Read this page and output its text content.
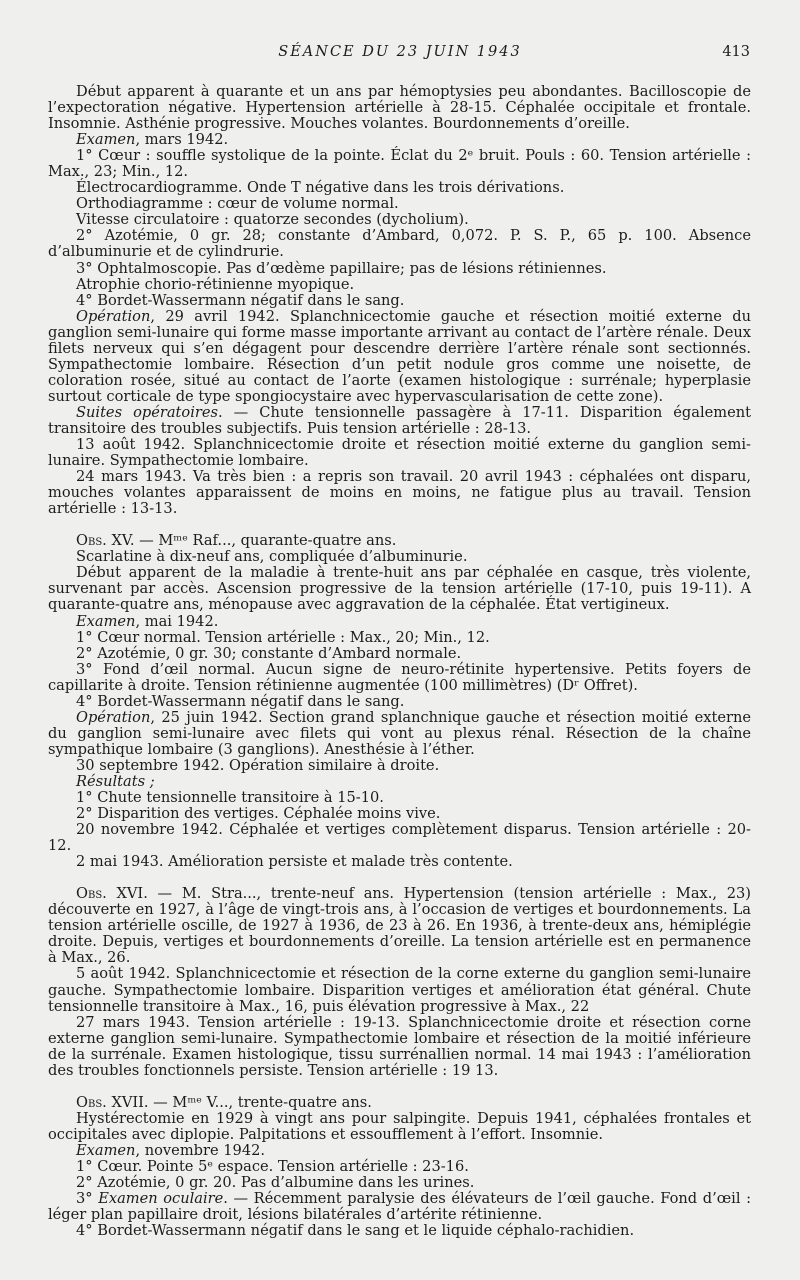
SÉANCE DU 23 JUIN 1943	413

Début apparent à quarante et un ans par hémoptysies peu abondantes. Bacilloscopie de l’expectoration négative. Hypertension artérielle à 28-15. Céphalée occipitale et frontale. Insomnie. Asthénie progressive. Mouches volantes. Bourdonnements d’oreille.

Examen, mars 1942.

1° Cœur : souffle systolique de la pointe. Éclat du 2ᵉ bruit. Pouls : 60. Tension artérielle : Max., 23; Min., 12.

Électrocardiogramme. Onde T négative dans les trois dérivations.

Orthodiagramme : cœur de volume normal.

Vitesse circulatoire : quatorze secondes (dycholium).

2° Azotémie, 0 gr. 28; constante d’Ambard, 0,072. P. S. P., 65 p. 100. Absence d’albuminurie et de cylindrurie.

3° Ophtalmoscopie. Pas d’œdème papillaire; pas de lésions rétiniennes.

Atrophie chorio-rétinienne myopique.

4° Bordet-Wassermann négatif dans le sang.

Opération, 29 avril 1942. Splanchnicectomie gauche et résection moitié externe du ganglion semi-lunaire qui forme masse importante arrivant au contact de l’artère rénale. Deux filets nerveux qui s’en dégagent pour descendre derrière l’artère rénale sont sectionnés. Sympathectomie lombaire. Résection d’un petit nodule gros comme une noisette, de coloration rosée, situé au contact de l’aorte (examen histologique : surrénale; hyperplasie surtout corticale de type spongiocystaire avec hypervascularisation de cette zone).

Suites opératoires. — Chute tensionnelle passagère à 17-11. Disparition également transitoire des troubles subjectifs. Puis tension artérielle : 28-13.

13 août 1942. Splanchnicectomie droite et résection moitié externe du ganglion semi-lunaire. Sympathectomie lombaire.

24 mars 1943. Va très bien : a repris son travail. 20 avril 1943 : céphalées ont disparu, mouches volantes apparaissent de moins en moins, ne fatigue plus au travail. Tension artérielle : 13-13.

Obs. XV. — Mᵐᵉ Raf..., quarante-quatre ans.

Scarlatine à dix-neuf ans, compliquée d’albuminurie.

Début apparent de la maladie à trente-huit ans par céphalée en casque, très violente, survenant par accès. Ascension progressive de la tension artérielle (17-10, puis 19-11). A quarante-quatre ans, ménopause avec aggravation de la céphalée. État vertigineux.

Examen, mai 1942.

1° Cœur normal. Tension artérielle : Max., 20; Min., 12.

2° Azotémie, 0 gr. 30; constante d’Ambard normale.

3° Fond d’œil normal. Aucun signe de neuro-rétinite hypertensive. Petits foyers de capillarite à droite. Tension rétinienne augmentée (100 millimètres) (Dʳ Offret).

4° Bordet-Wassermann négatif dans le sang.

Opération, 25 juin 1942. Section grand splanchnique gauche et résection moitié externe du ganglion semi-lunaire avec filets qui vont au plexus rénal. Résection de la chaîne sympathique lombaire (3 ganglions). Anesthésie à l’éther.

30 septembre 1942. Opération similaire à droite.

Résultats ;

1° Chute tensionnelle transitoire à 15-10.

2° Disparition des vertiges. Céphalée moins vive.

20 novembre 1942. Céphalée et vertiges complètement disparus. Tension artérielle : 20-12.

2 mai 1943. Amélioration persiste et malade très contente.

Obs. XVI. — M. Stra..., trente-neuf ans. Hypertension (tension artérielle : Max., 23) découverte en 1927, à l’âge de vingt-trois ans, à l’occasion de vertiges et bourdonnements. La tension artérielle oscille, de 1927 à 1936, de 23 à 26. En 1936, à trente-deux ans, hémiplégie droite. Depuis, vertiges et bourdonnements d’oreille. La tension artérielle est en permanence à Max., 26.

5 août 1942. Splanchnicectomie et résection de la corne externe du ganglion semi-lunaire gauche. Sympathectomie lombaire. Disparition vertiges et amélioration état général. Chute tensionnelle transitoire à Max., 16, puis élévation progressive à Max., 22

27 mars 1943. Tension artérielle : 19-13. Splanchnicectomie droite et résection corne externe ganglion semi-lunaire. Sympathectomie lombaire et résection de la moitié inférieure de la surrénale. Examen histologique, tissu surrénallien normal. 14 mai 1943 : l’amélioration des troubles fonctionnels persiste. Tension artérielle : 19 13.

Obs. XVII. — Mᵐᵉ V..., trente-quatre ans.

Hystérectomie en 1929 à vingt ans pour salpingite. Depuis 1941, céphalées frontales et occipitales avec diplopie. Palpitations et essoufflement à l’effort. Insomnie.

Examen, novembre 1942.

1° Cœur. Pointe 5ᵉ espace. Tension artérielle : 23-16.

2° Azotémie, 0 gr. 20. Pas d’albumine dans les urines.

3° Examen oculaire. — Récemment paralysie des élévateurs de l’œil gauche. Fond d’œil : léger plan papillaire droit, lésions bilatérales d’artérite rétinienne.

4° Bordet-Wassermann négatif dans le sang et le liquide céphalo-rachidien.
